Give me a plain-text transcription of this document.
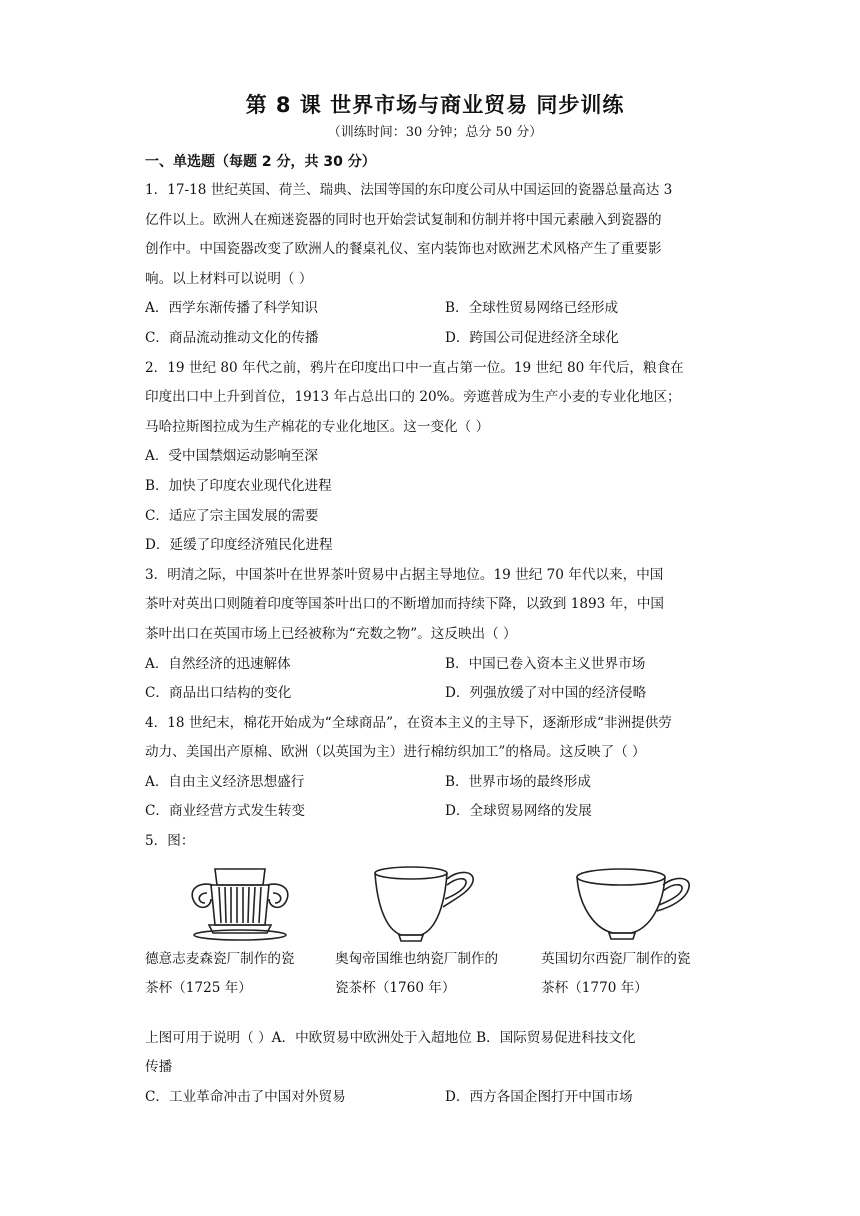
第 8 课 世界市场与商业贸易 同步训练
（训练时间：30 分钟；总分 50 分）
一、单选题（每题 2 分，共 30 分）
1．17-18 世纪英国、荷兰、瑞典、法国等国的东印度公司从中国运回的瓷器总量高达 3
亿件以上。欧洲人在痴迷瓷器的同时也开始尝试复制和仿制并将中国元素融入到瓷器的
创作中。中国瓷器改变了欧洲人的餐桌礼仪、室内装饰也对欧洲艺术风格产生了重要影
响。以上材料可以说明（ ）
A．西学东渐传播了科学知识	B．全球性贸易网络已经形成
C．商品流动推动文化的传播	D．跨国公司促进经济全球化
2．19 世纪 80 年代之前，鸦片在印度出口中一直占第一位。19 世纪 80 年代后，粮食在
印度出口中上升到首位，1913 年占总出口的 20%。旁遮普成为生产小麦的专业化地区；
马哈拉斯图拉成为生产棉花的专业化地区。这一变化（ ）
A．受中国禁烟运动影响至深
B．加快了印度农业现代化进程
C．适应了宗主国发展的需要
D．延缓了印度经济殖民化进程
3．明清之际，中国茶叶在世界茶叶贸易中占据主导地位。19 世纪 70 年代以来，中国
茶叶对英出口则随着印度等国茶叶出口的不断增加而持续下降，以致到 1893 年，中国
茶叶出口在英国市场上已经被称为“充数之物”。这反映出（ ）
A．自然经济的迅速解体	B．中国已卷入资本主义世界市场
C．商品出口结构的变化	D．列强放缓了对中国的经济侵略
4．18 世纪末，棉花开始成为“全球商品”，在资本主义的主导下，逐渐形成“非洲提供劳
动力、美国出产原棉、欧洲（以英国为主）进行棉纺织加工”的格局。这反映了（ ）
A．自由主义经济思想盛行	B．世界市场的最终形成
C．商业经营方式发生转变	D．全球贸易网络的发展
5．图：
德意志麦森瓷厂制作的瓷
茶杯（1725 年）
奥匈帝国维也纳瓷厂制作的
瓷茶杯（1760 年）
英国切尔西瓷厂制作的瓷
茶杯（1770 年）
上图可用于说明（ ）A．中欧贸易中欧洲处于入超地位 B．国际贸易促进科技文化
传播
C．工业革命冲击了中国对外贸易	D．西方各国企图打开中国市场
